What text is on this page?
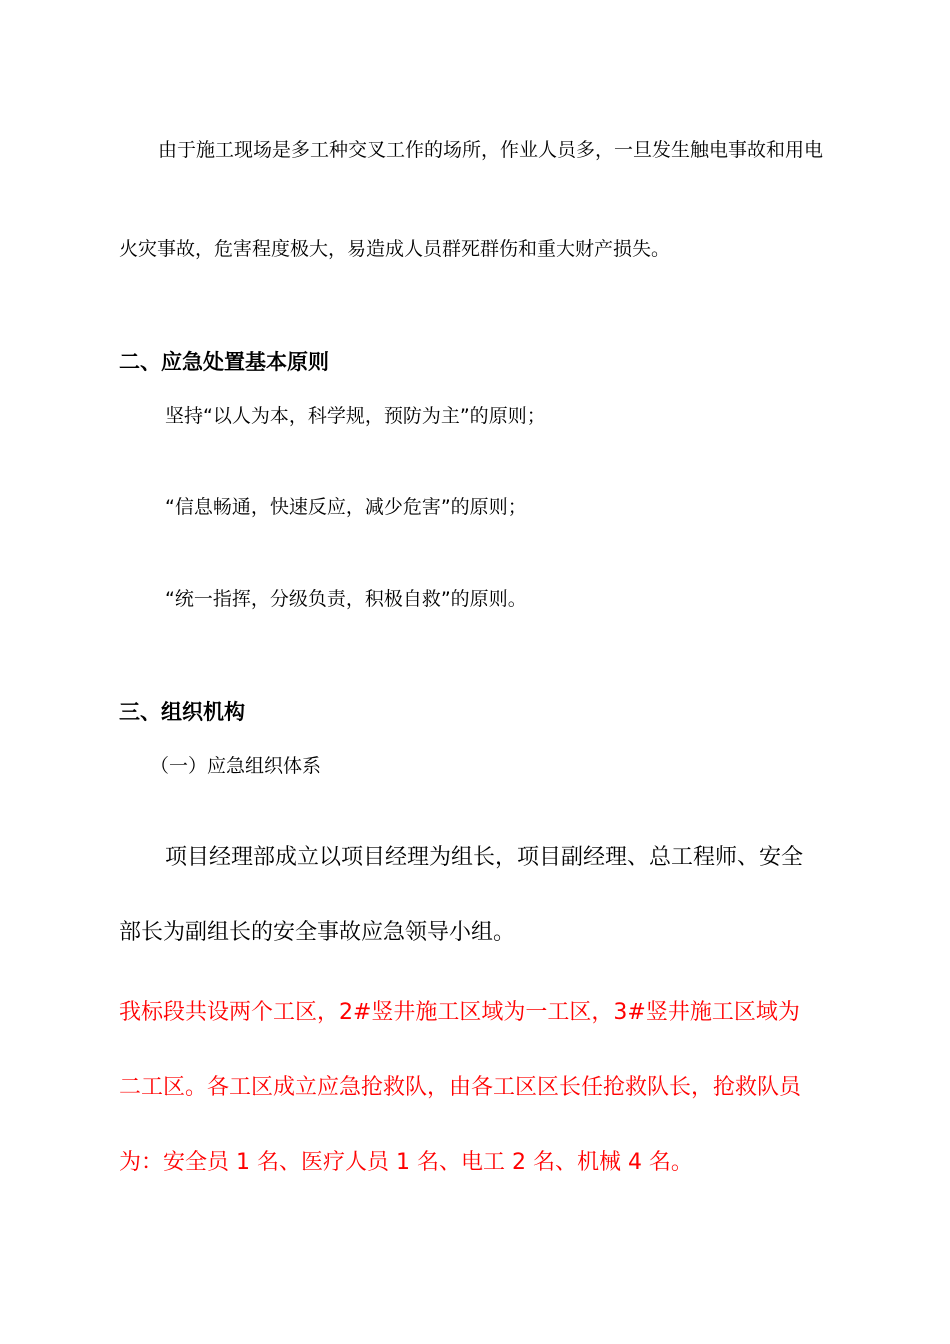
由于施工现场是多工种交叉工作的场所，作业人员多，一旦发生触电事故和用电
火灾事故，危害程度极大，易造成人员群死群伤和重大财产损失。
二、应急处置基本原则
坚持“以人为本，科学规，预防为主”的原则；
“信息畅通，快速反应，减少危害”的原则；
“统一指挥，分级负责，积极自救”的原则。
三、组织机构
（一）应急组织体系
项目经理部成立以项目经理为组长，项目副经理、总工程师、安全
部长为副组长的安全事故应急领导小组。
我标段共设两个工区，2#竖井施工区域为一工区，3#竖井施工区域为
二工区。各工区成立应急抢救队，由各工区区长任抢救队长，抢救队员
为：安全员 1 名、医疗人员 1 名、电工 2 名、机械 4 名。
